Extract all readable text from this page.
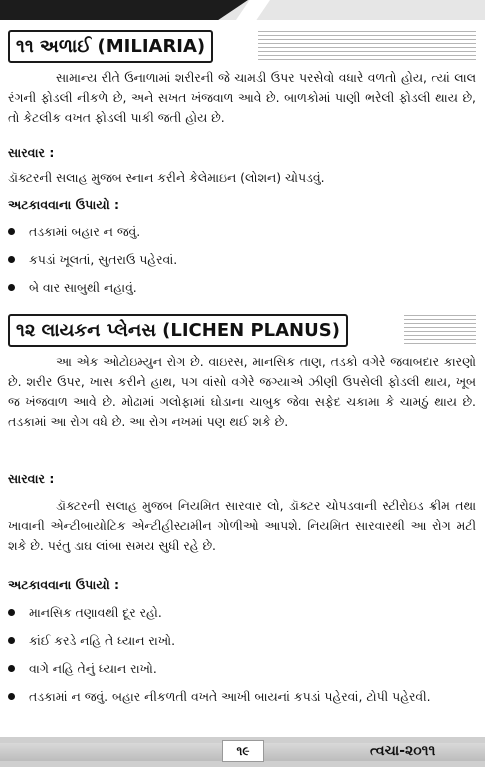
૧૧ અળાઈ (MILIARIA)

સામાન્ય રીતે ઉનાળામાં શરીરની જે ચામડી ઉપર પરસેવો વધારે વળતો હોય, ત્યાં લાલ રંગની ફોડલી નીકળે છે, અને સખત ખંજવાળ આવે છે. બાળકોમાં પાણી ભરેલી ફોડલી થાય છે, તો કેટલીક વખત ફોડલી પાકી જતી હોય છે.

સારવાર :

ડૉક્ટરની સલાહ મુજબ સ્નાન કરીને કેલેમાઇન (લોશન) ચોપડવું.

અટકાવવાના ઉપાયો :
તડકામાં બહાર ન જવું.
કપડાં ખૂલતાં, સુતરાઉ પહેરવાં.
બે વાર સાબુથી નહાવું.
૧૨ લાયકન પ્લેનસ (LICHEN PLANUS)

આ એક ઓટોઇમ્યુન રોગ છે. વાઇરસ, માનસિક તાણ, તડકો વગેરે જવાબદાર કારણો છે. શરીર ઉપર, ખાસ કરીને હાથ, પગ વાંસો વગેરે જગ્યાએ ઝીણી ઉપસેલી ફોડલી થાય, ખૂબ જ ખંજવાળ આવે છે. મોઢામાં ગલોફામાં ઘોડાના ચાબુક જેવા સફેદ ચકામા કે ચામઠું થાય છે. તડકામાં આ રોગ વધે છે. આ રોગ નખમાં પણ થઈ શકે છે.

સારવાર :

ડૉક્ટરની સલાહ મુજબ નિયમિત સારવાર લો, ડૉક્ટર ચોપડવાની સ્ટીરોઇડ ક્રીમ તથા ખાવાની એન્ટીબાયોટિક એન્ટીહીસ્ટામીન ગોળીઓ આપશે. નિયમિત સારવારથી આ રોગ મટી શકે છે. પરંતુ ડાઘ લાંબા સમય સુધી રહે છે.

અટકાવવાના ઉપાયો :
માનસિક તણાવથી દૂર રહો.
કાંઈ કરડે નહિ તે ધ્યાન રાખો.
વાગે નહિ તેનું ધ્યાન રાખો.
તડકામાં ન જવું. બહાર નીકળતી વખતે આખી બાયનાં કપડાં પહેરવાં, ટોપી પહેરવી.
૧૯	ત્વચા-૨૦૧૧
